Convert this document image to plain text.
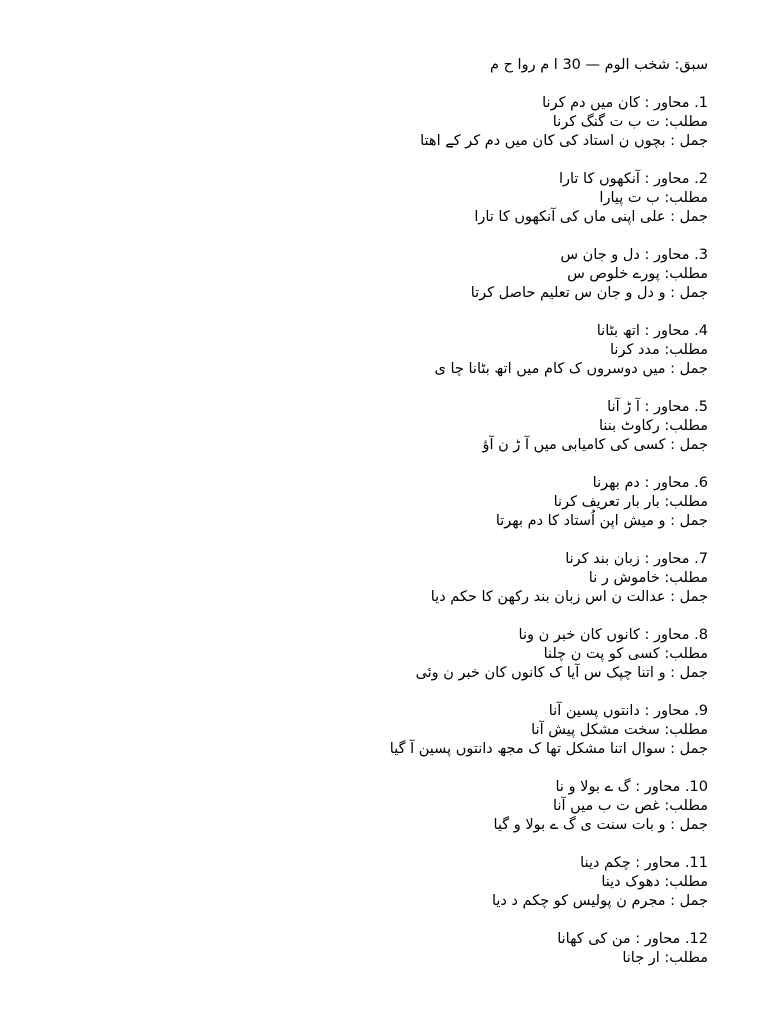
سبق: شخب الوم — 30 ا م روا ح م
1. محاور : کان میں دم کرنا
مطلب: ت ب ت گنگ کرنا
جمل : بچوں ن استاد کی کان میں دم کر کے اھتا
2. محاور : آنکھوں کا تارا
مطلب: ب ت پیارا
جمل : علی اپنی ماں کی آنکھوں کا تارا
3. محاور : دل و جان س
مطلب: پورے خلوص س
جمل : و دل و جان س تعلیم حاصل کرتا
4. محاور : اتھ بٹانا
مطلب: مدد کرنا
جمل : میں دوسروں ک کام میں اتھ بٹانا چا ی
5. محاور : آ ڑ آنا
مطلب: رکاوٹ بننا
جمل : کسی کی کامیابی میں آ ڑ ن آؤ
6. محاور : دم بھرنا
مطلب: بار بار تعریف کرنا
جمل : و میش اپن اُستاد کا دم بھرتا
7. محاور : زبان بند کرنا
مطلب: خاموش ر نا
جمل : عدالت ن اس زبان بند رکھن کا حکم دیا
8. محاور : کانوں کان خبر ن ونا
مطلب: کسی کو پت ن چلنا
جمل : و اتنا چپک س آیا ک کانوں کان خبر ن وئی
9. محاور : دانتوں پسین آنا
مطلب: سخت مشکل پیش آنا
جمل : سوال اتنا مشکل تھا ک مجھ دانتوں پسین آ گیا
10. محاور : گ ے بولا و نا
مطلب: غص ت ب میں آنا
جمل : و بات سنت ی گ ے بولا و گیا
11. محاور : چکم دینا
مطلب: دھوک دینا
جمل : مجرم ن پولیس کو چکم د دیا
12. محاور : من کی کھانا
مطلب: ار جانا
